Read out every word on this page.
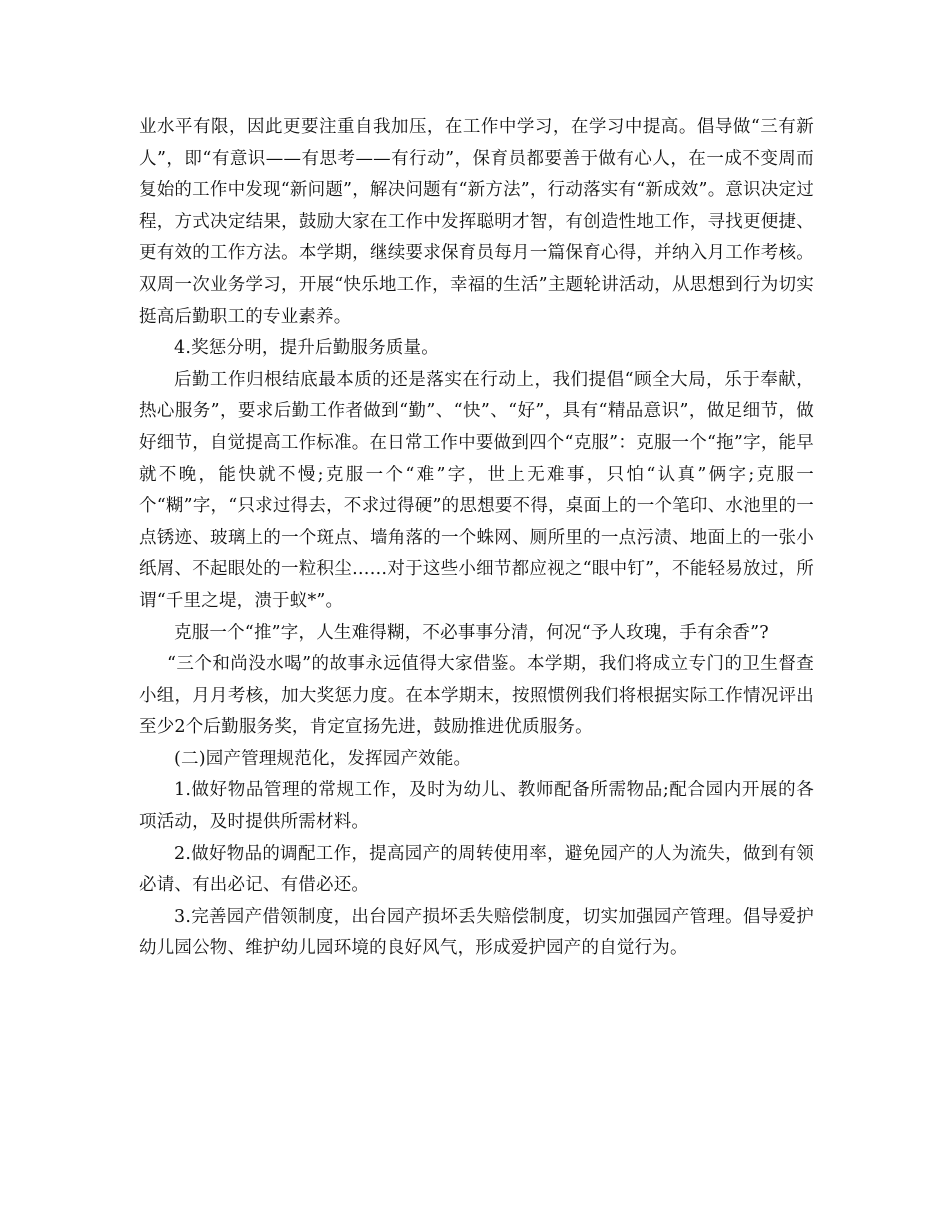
业水平有限，因此更要注重自我加压，在工作中学习，在学习中提高。倡导做“三有新人”，即“有意识——有思考——有行动”，保育员都要善于做有心人，在一成不变周而复始的工作中发现“新问题”，解决问题有“新方法”，行动落实有“新成效”。意识决定过程，方式决定结果，鼓励大家在工作中发挥聪明才智，有创造性地工作，寻找更便捷、更有效的工作方法。本学期，继续要求保育员每月一篇保育心得，并纳入月工作考核。双周一次业务学习，开展“快乐地工作，幸福的生活”主题轮讲活动，从思想到行为切实挺高后勤职工的专业素养。

4.奖惩分明，提升后勤服务质量。

后勤工作归根结底最本质的还是落实在行动上，我们提倡“顾全大局，乐于奉献，热心服务”，要求后勤工作者做到“勤”、“快”、“好”，具有“精品意识”，做足细节，做好细节，自觉提高工作标准。在日常工作中要做到四个“克服”：克服一个“拖”字，能早就不晚，能快就不慢;克服一个“难”字，世上无难事，只怕“认真”俩字;克服一个“糊”字，“只求过得去，不求过得硬”的思想要不得，桌面上的一个笔印、水池里的一点锈迹、玻璃上的一个斑点、墙角落的一个蛛网、厕所里的一点污渍、地面上的一张小纸屑、不起眼处的一粒积尘……对于这些小细节都应视之“眼中钉”，不能轻易放过，所谓“千里之堤，溃于蚁*”。

克服一个“推”字，人生难得糊，不必事事分清，何况“予人玫瑰，手有余香”?

“三个和尚没水喝”的故事永远值得大家借鉴。本学期，我们将成立专门的卫生督查小组，月月考核，加大奖惩力度。在本学期末，按照惯例我们将根据实际工作情况评出至少2个后勤服务奖，肯定宣扬先进，鼓励推进优质服务。

(二)园产管理规范化，发挥园产效能。

1.做好物品管理的常规工作，及时为幼儿、教师配备所需物品;配合园内开展的各项活动，及时提供所需材料。

2.做好物品的调配工作，提高园产的周转使用率，避免园产的人为流失，做到有领必请、有出必记、有借必还。

3.完善园产借领制度，出台园产损坏丢失赔偿制度，切实加强园产管理。倡导爱护幼儿园公物、维护幼儿园环境的良好风气，形成爱护园产的自觉行为。
